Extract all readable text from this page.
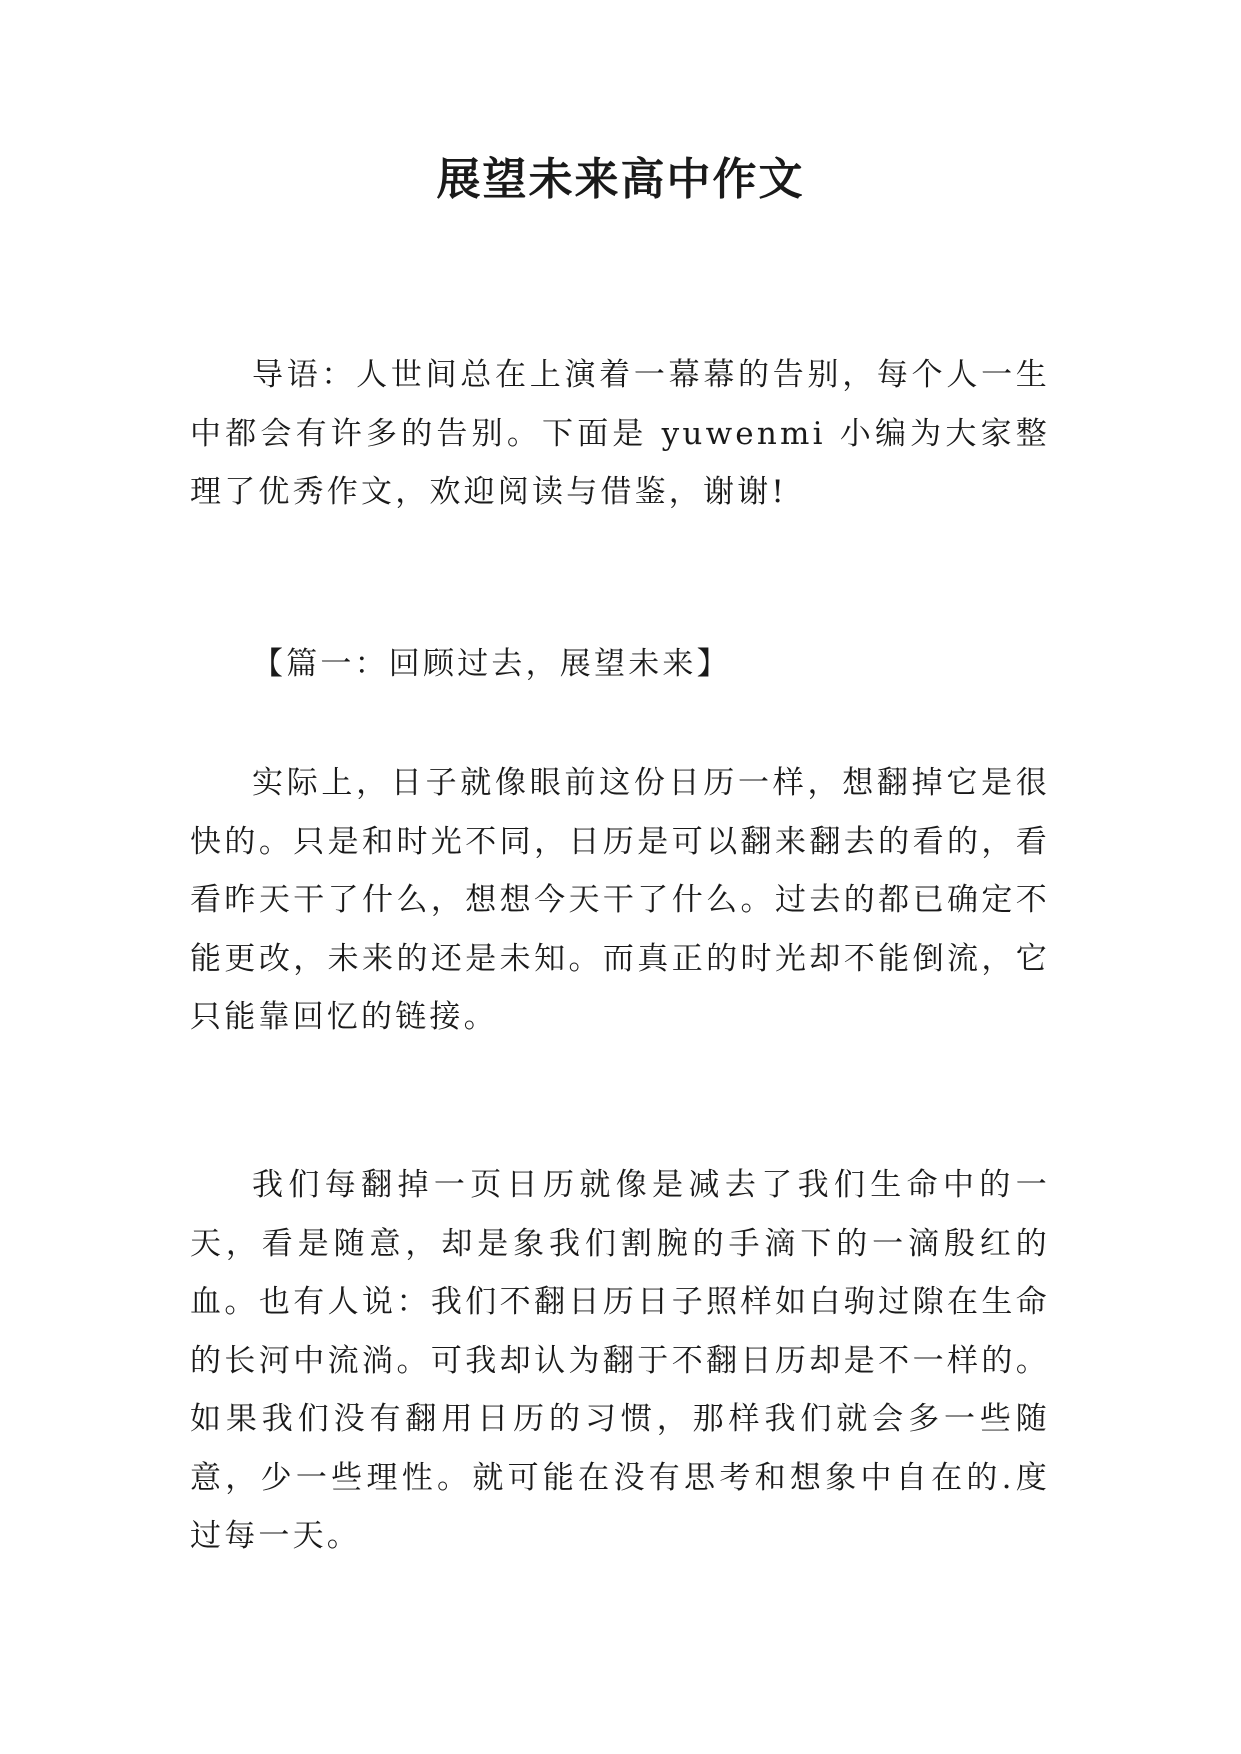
展望未来高中作文

导语：人世间总在上演着一幕幕的告别，每个人一生中都会有许多的告别。下面是 yuwenmi 小编为大家整理了优秀作文，欢迎阅读与借鉴，谢谢!

【篇一：回顾过去，展望未来】

实际上，日子就像眼前这份日历一样，想翻掉它是很快的。只是和时光不同，日历是可以翻来翻去的看的，看看昨天干了什么，想想今天干了什么。过去的都已确定不能更改，未来的还是未知。而真正的时光却不能倒流，它只能靠回忆的链接。

我们每翻掉一页日历就像是减去了我们生命中的一天，看是随意，却是象我们割腕的手滴下的一滴殷红的血。也有人说：我们不翻日历日子照样如白驹过隙在生命的长河中流淌。可我却认为翻于不翻日历却是不一样的。如果我们没有翻用日历的习惯，那样我们就会多一些随意，少一些理性。就可能在没有思考和想象中自在的.度过每一天。
